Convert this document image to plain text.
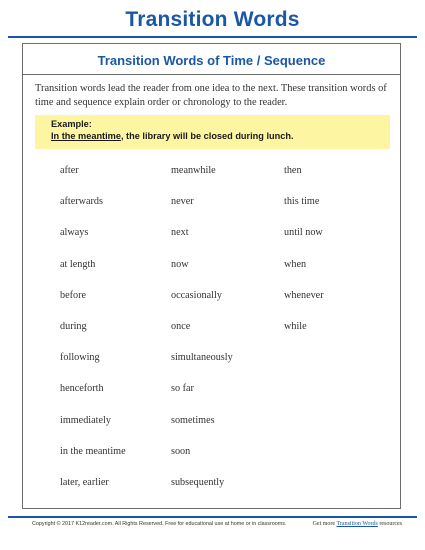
Transition Words
Transition Words of Time / Sequence
Transition words lead the reader from one idea to the next. These transition words of time and sequence explain order or chronology to the reader.
Example:
In the meantime, the library will be closed during lunch.
after
afterwards
always
at length
before
during
following
henceforth
immediately
in the meantime
later, earlier
meanwhile
never
next
now
occasionally
once
simultaneously
so far
sometimes
soon
subsequently
then
this time
until now
when
whenever
while
Copyright © 2017 K12reader.com. All Rights Reserved. Free for educational use at home or in classrooms.	Get more Transition Words resources
